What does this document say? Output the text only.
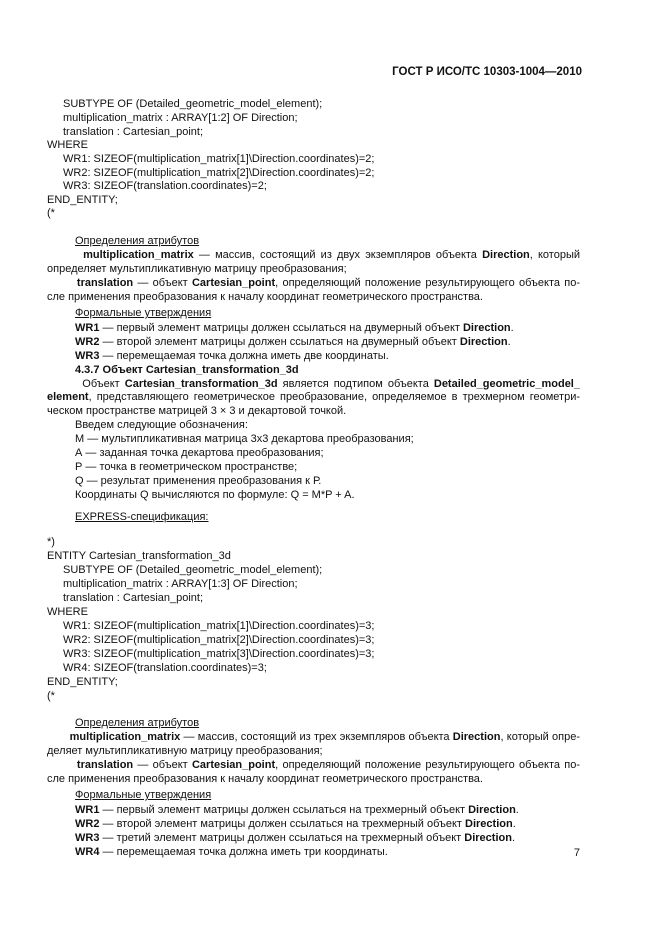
ГОСТ Р ИСО/ТС 10303-1004—2010
SUBTYPE OF (Detailed_geometric_model_element);
multiplication_matrix : ARRAY[1:2] OF Direction;
translation : Cartesian_point;
WHERE
WR1: SIZEOF(multiplication_matrix[1]\Direction.coordinates)=2;
WR2: SIZEOF(multiplication_matrix[2]\Direction.coordinates)=2;
WR3: SIZEOF(translation.coordinates)=2;
END_ENTITY;
(*
Определения атрибутов
multiplication_matrix — массив, состоящий из двух экземпляров объекта Direction, который
определяет мультипликативную матрицу преобразования;
translation — объект Cartesian_point, определяющий положение результирующего объекта по-
сле применения преобразования к началу координат геометрического пространства.
Формальные утверждения
WR1 — первый элемент матрицы должен ссылаться на двумерный объект Direction.
WR2 — второй элемент матрицы должен ссылаться на двумерный объект Direction.
WR3 — перемещаемая точка должна иметь две координаты.
4.3.7 Объект Cartesian_transformation_3d
Объект Cartesian_transformation_3d является подтипом объекта Detailed_geometric_model_
element, представляющего геометрическое преобразование, определяемое в трехмерном геометри-
ческом пространстве матрицей 3 × 3 и декартовой точкой.
Введем следующие обозначения:
М — мультипликативная матрица 3х3 декартова преобразования;
А — заданная точка декартова преобразования;
Р — точка в геометрическом пространстве;
Q — результат применения преобразования к Р.
Координаты Q вычисляются по формуле: Q = M*P + A.
EXPRESS-спецификация:
*)
ENTITY Cartesian_transformation_3d
SUBTYPE OF (Detailed_geometric_model_element);
multiplication_matrix : ARRAY[1:3] OF Direction;
translation : Cartesian_point;
WHERE
WR1: SIZEOF(multiplication_matrix[1]\Direction.coordinates)=3;
WR2: SIZEOF(multiplication_matrix[2]\Direction.coordinates)=3;
WR3: SIZEOF(multiplication_matrix[3]\Direction.coordinates)=3;
WR4: SIZEOF(translation.coordinates)=3;
END_ENTITY;
(*
Определения атрибутов
multiplication_matrix — массив, состоящий из трех экземпляров объекта Direction, который опре-
деляет мультипликативную матрицу преобразования;
translation — объект Cartesian_point, определяющий положение результирующего объекта по-
сле применения преобразования к началу координат геометрического пространства.
Формальные утверждения
WR1 — первый элемент матрицы должен ссылаться на трехмерный объект Direction.
WR2 — второй элемент матрицы должен ссылаться на трехмерный объект Direction.
WR3 — третий элемент матрицы должен ссылаться на трехмерный объект Direction.
WR4 — перемещаемая точка должна иметь три координаты.	7
